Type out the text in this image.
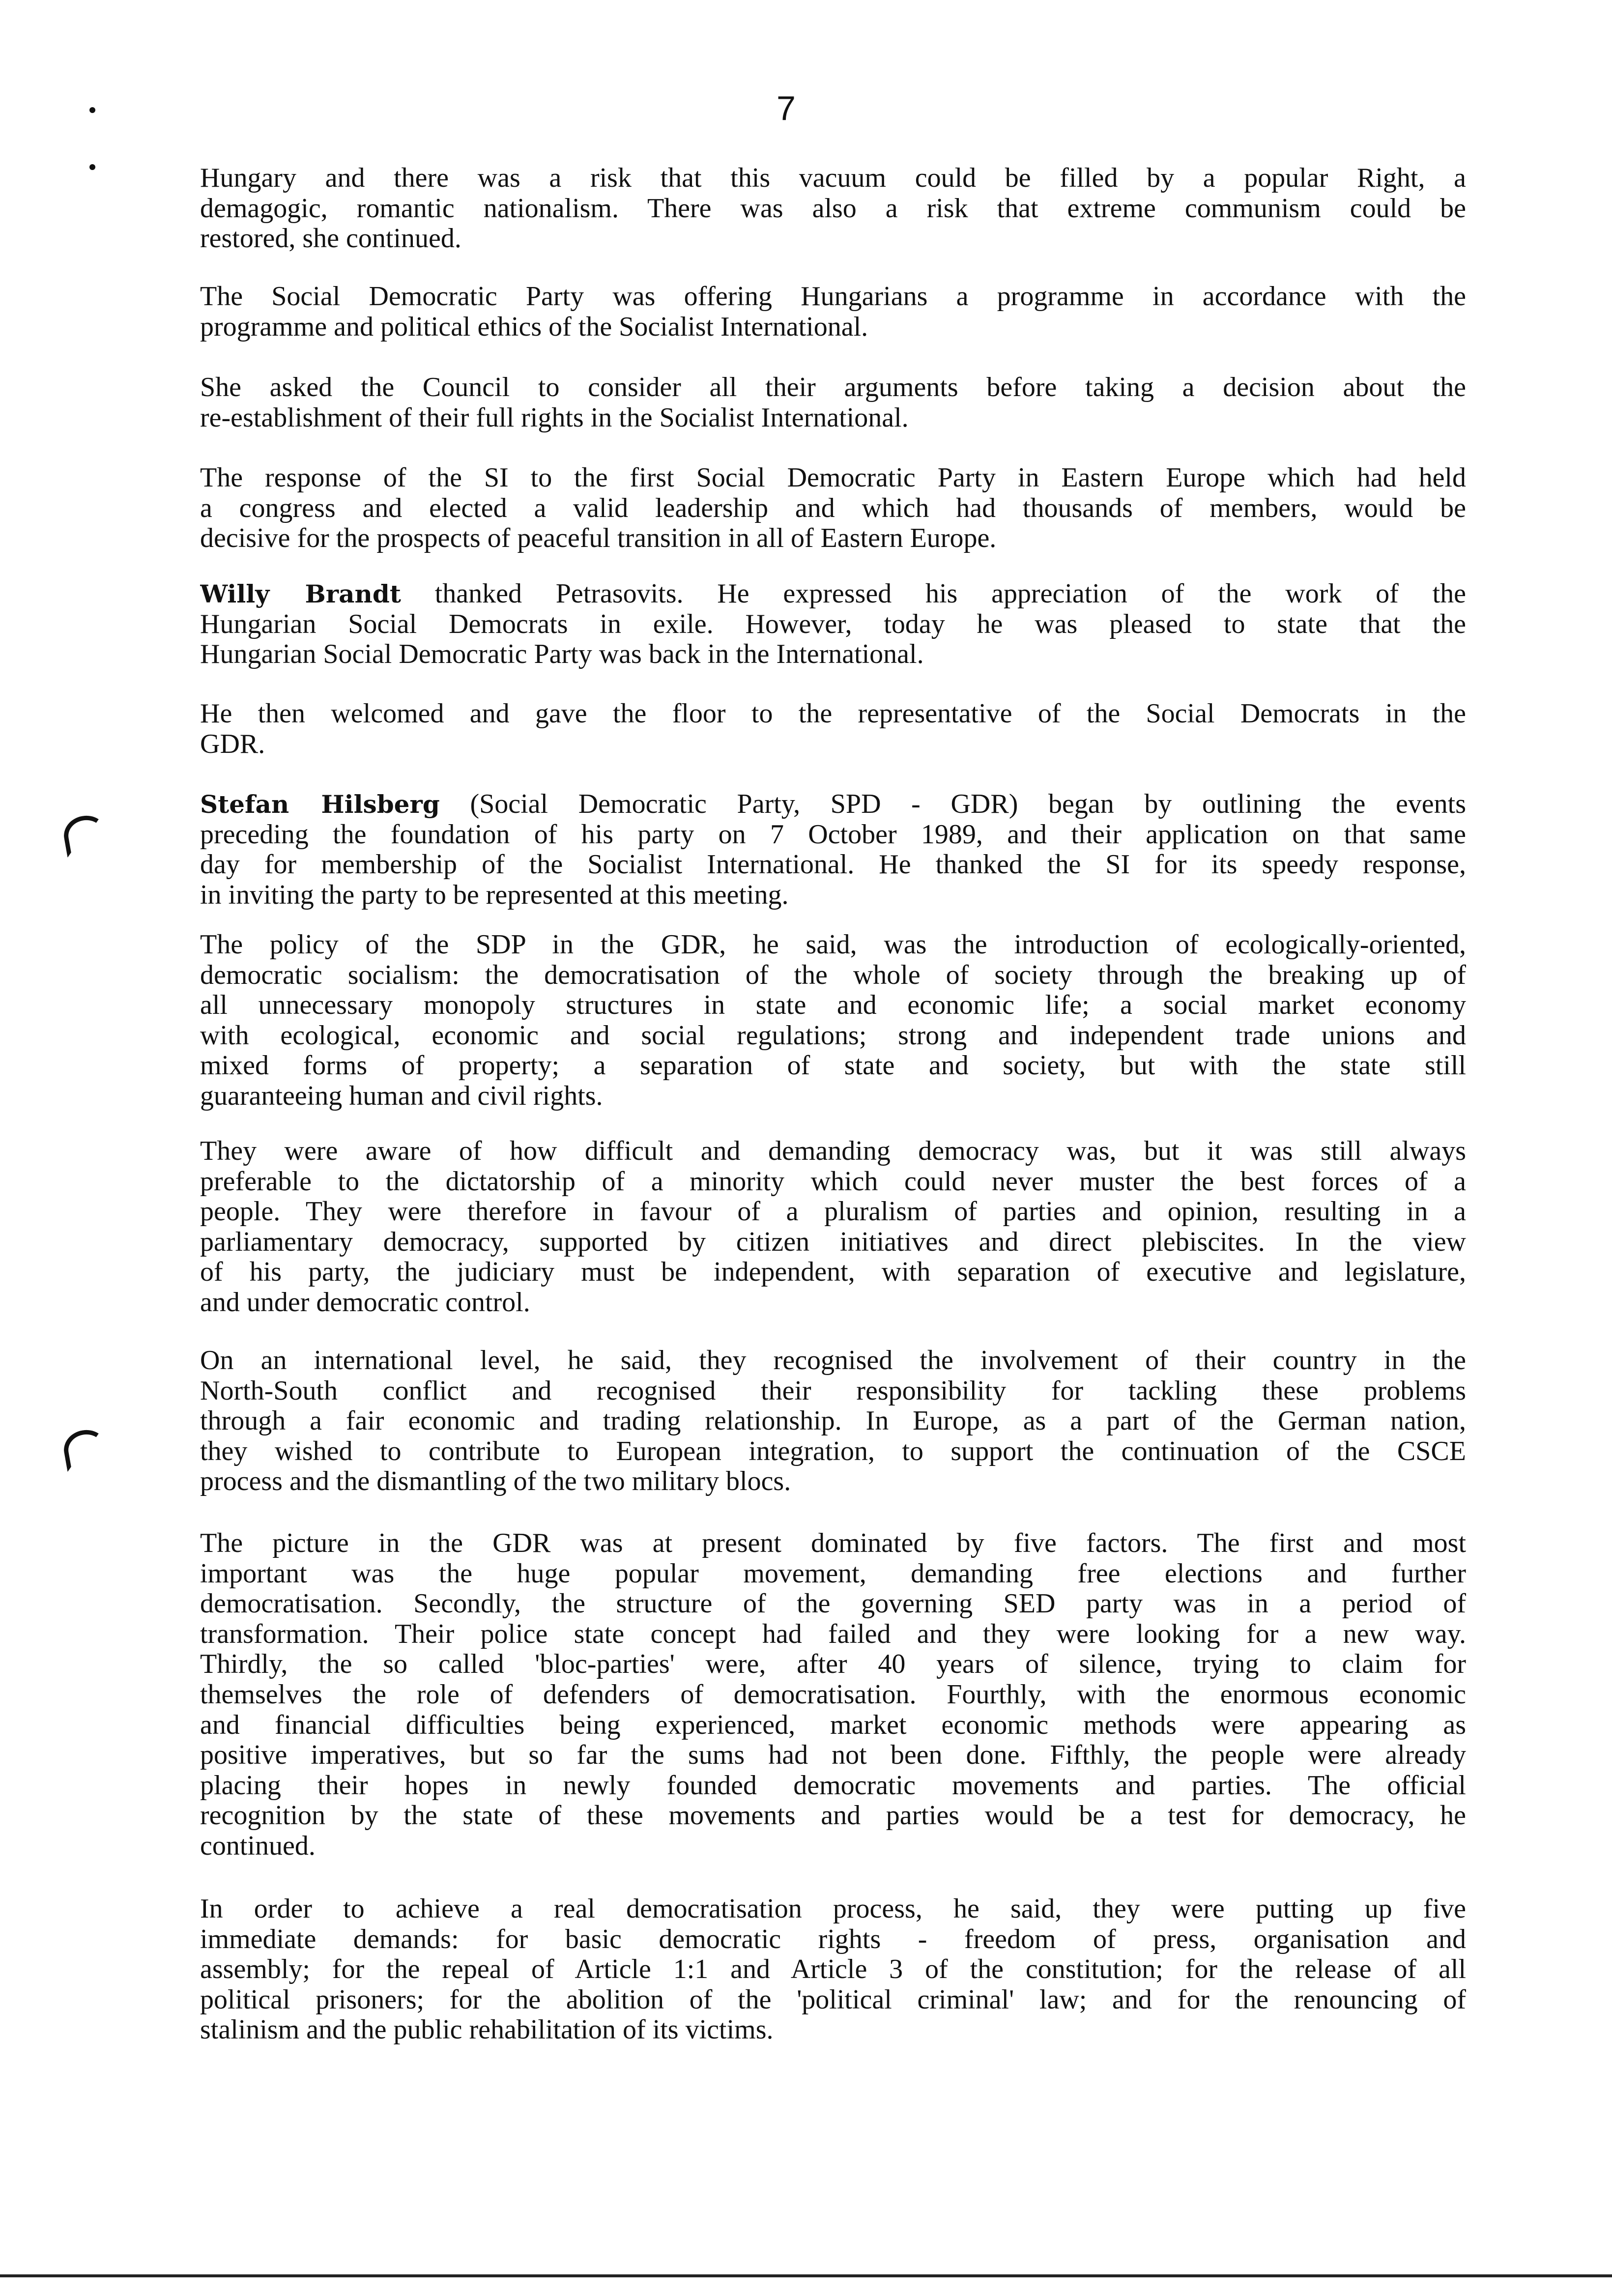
7
Hungary and there was a risk that this vacuum could be filled by a popular Right, a
demagogic, romantic nationalism. There was also a risk that extreme communism could be
restored, she continued.
The Social Democratic Party was offering Hungarians a programme in accordance with the
programme and political ethics of the Socialist International.
She asked the Council to consider all their arguments before taking a decision about the
re-establishment of their full rights in the Socialist International.
The response of the SI to the first Social Democratic Party in Eastern Europe which had held
a congress and elected a valid leadership and which had thousands of members, would be
decisive for the prospects of peaceful transition in all of Eastern Europe.
Willy Brandt thanked Petrasovits. He expressed his appreciation of the work of the
Hungarian Social Democrats in exile. However, today he was pleased to state that the
Hungarian Social Democratic Party was back in the International.
He then welcomed and gave the floor to the representative of the Social Democrats in the
GDR.
Stefan Hilsberg (Social Democratic Party, SPD - GDR) began by outlining the events
preceding the foundation of his party on 7 October 1989, and their application on that same
day for membership of the Socialist International. He thanked the SI for its speedy response,
in inviting the party to be represented at this meeting.
The policy of the SDP in the GDR, he said, was the introduction of ecologically-oriented,
democratic socialism: the democratisation of the whole of society through the breaking up of
all unnecessary monopoly structures in state and economic life; a social market economy
with ecological, economic and social regulations; strong and independent trade unions and
mixed forms of property; a separation of state and society, but with the state still
guaranteeing human and civil rights.
They were aware of how difficult and demanding democracy was, but it was still always
preferable to the dictatorship of a minority which could never muster the best forces of a
people. They were therefore in favour of a pluralism of parties and opinion, resulting in a
parliamentary democracy, supported by citizen initiatives and direct plebiscites. In the view
of his party, the judiciary must be independent, with separation of executive and legislature,
and under democratic control.
On an international level, he said, they recognised the involvement of their country in the
North-South conflict and recognised their responsibility for tackling these problems
through a fair economic and trading relationship. In Europe, as a part of the German nation,
they wished to contribute to European integration, to support the continuation of the CSCE
process and the dismantling of the two military blocs.
The picture in the GDR was at present dominated by five factors. The first and most
important was the huge popular movement, demanding free elections and further
democratisation. Secondly, the structure of the governing SED party was in a period of
transformation. Their police state concept had failed and they were looking for a new way.
Thirdly, the so called 'bloc-parties' were, after 40 years of silence, trying to claim for
themselves the role of defenders of democratisation. Fourthly, with the enormous economic
and financial difficulties being experienced, market economic methods were appearing as
positive imperatives, but so far the sums had not been done. Fifthly, the people were already
placing their hopes in newly founded democratic movements and parties. The official
recognition by the state of these movements and parties would be a test for democracy, he
continued.
In order to achieve a real democratisation process, he said, they were putting up five
immediate demands: for basic democratic rights - freedom of press, organisation and
assembly; for the repeal of Article 1:1 and Article 3 of the constitution; for the release of all
political prisoners; for the abolition of the 'political criminal' law; and for the renouncing of
stalinism and the public rehabilitation of its victims.
